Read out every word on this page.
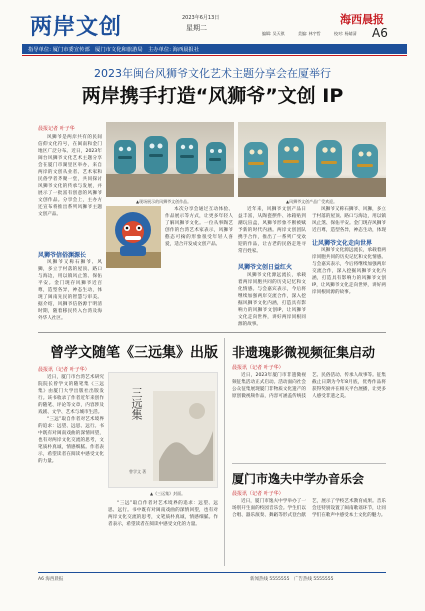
两岸文创	2023年6月13日
星期二
海西晨报
编辑: 吴天祺	美编: 林宇哲	校对: 杨婧清 A6
指导单位: 厦门市委宣传部　厦门市文化和旅游局　主办单位: 海西晨报社
2023年闽台风狮爷文化艺术主题分享会在厦举行
两岸携手打造“风狮爷”文创 IP
晨报记者 叶子华

风狮爷是两岸共有的民间信仰文化符号，在闽南和金门地区广泛分布。近日，2023年闽台风狮爷文化艺术主题分享会在厦门市湖里区举办，来自两岸的文创从业者、艺术家和民俗学者齐聚一堂，共同探讨风狮爷文化的传承与发展，并展示了一批富有创意的风狮爷文创作品。分享会上，主办方还宣布将推出系列风狮爷主题文创产品。

▲现场展示的风狮爷文创作品。	▲风狮爷文创产品广受欢迎。
风狮爷信俗渊源长

风狮爷又称石狮爷、风狮，多立于村落的屋顶、路口与海边，用以镇风止煞、保佑平安。金门现存风狮爷近百尊，造型各异，神态生动，体现了闽南先民的智慧与审美。据介绍，风狮爷信俗源于明清时期，随着移民传入台湾及海外华人社区。

本次分享会通过互动体验、作品展示等方式，让更多年轻人了解风狮爷文化。一位从事陶艺创作的台湾艺术家表示，风狮爷憨态可掬的形象很受年轻人喜爱，适合开发成文创产品。

风狮爷文创日益红火

近年来，风狮爷文创产品日益丰富，从陶瓷摆件、冰箱贴到潮玩盲盒，风狮爷形象不断被赋予新的时代内涵。两岸文创团队携手合作，推出了一系列广受欢迎的作品，让古老的民俗走进寻常百姓家。

风狮爷文化源远流长，承载着两岸同胞共同的历史记忆和文化情感。与会嘉宾表示，今后将继续加强两岸交流合作，深入挖掘风狮爷文化内涵，打造具有影响力的风狮爷文创IP，让风狮爷文化走向世界，讲好两岸同根同源的故事。

风狮爷又称石狮爷、风狮，多立于村落的屋顶、路口与海边，用以镇风止煞、保佑平安。金门现存风狮爷近百尊，造型各异，神态生动，体现

让风狮爷文化走向世界

风狮爷文化源远流长，承载着两岸同胞共同的历史记忆和文化情感。与会嘉宾表示，今后将继续加强两岸交流合作，深入挖掘风狮爷文化内涵，打造具有影响力的风狮爷文创IP，让风狮爷文化走向世界，讲好两岸同根同源的故事。

曾学文随笔《三远集》出版
晨报讯（记者 叶子华）

近日，厦门市台湾艺术研究院院长曾学文的随笔集《三远集》由厦门大学出版社出版发行。该书收录了作者近年来创作的随笔、评论等文章，内容涉及戏剧、文学、艺术与城市生活。

“三远”取自作者对艺术境界的追求：远望、远思、远行。书中既有对闽南戏曲的深情回望，也有对两岸文化交流的思考，文笔质朴真诚，情感细腻。作者表示，希望读者在阅读中感受文化的力量。

三远集
曾学文 著
▲《三远集》封面。

“三远”取自作者对艺术境界的追求：远望、远思、远行。书中既有对闽南戏曲的深情回望，也有对两岸文化交流的思考，文笔质朴真诚，情感细腻。作者表示，希望读者在阅读中感受文化的力量。

非遗瑰影微视频征集启动
晨报讯（记者 叶子华）

近日，2023年厦门市非遗微视频征集活动正式启动。活动面向社会公众征集展现厦门非物质文化遗产的原创微视频作品，内容可涵盖传统技艺、民俗活动、传承人故事等。征集截止日期为今年8月底，优秀作品将获得奖励并在相关平台展播，让更多人感受非遗之美。

厦门市逸夫中学办音乐会
晨报讯（记者 叶子华）

近日，厦门市逸夫中学举办了一场别开生面的校园音乐会。学生们以合唱、器乐演奏、舞蹈等形式登台献艺，展示了学校艺术教育成果。音乐会还特别设置了闽南歌谣环节，让同学们在歌声中感受本土文化的魅力。

A6 海西晨报	新闻热线 5555555　广告热线 5555555
